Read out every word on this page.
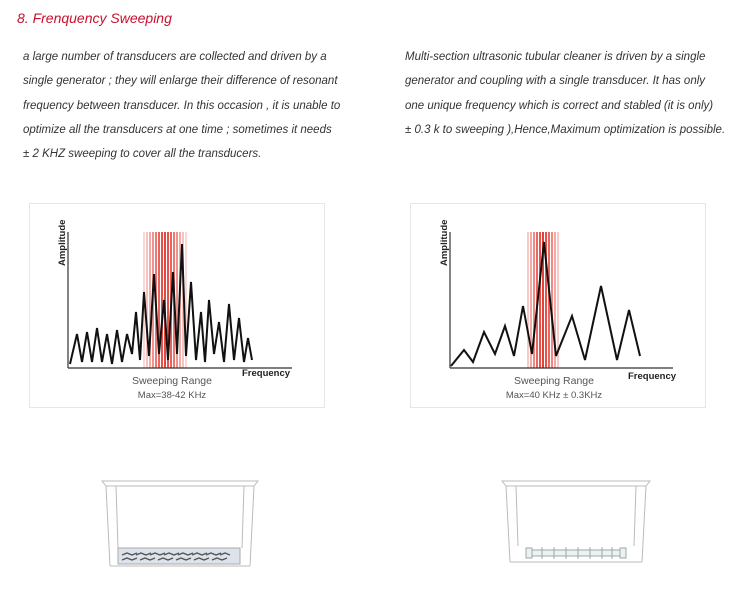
8. Frenquency Sweeping
a large number of transducers are collected and driven by a
single generator ; they will enlarge their difference of resonant
frequency between transducer. In this occasion , it is unable to
optimize all the transducers at one time ; sometimes it needs
± 2 KHZ sweeping to cover all the transducers.
Multi-section ultrasonic tubular cleaner is driven by a single
generator and coupling with a single transducer. It has only
one unique frequency which is correct and stabled (it is only)
± 0.3 k to sweeping ),Hence,Maximum optimization is possible.
Amplitude
Frequency
Sweeping Range
Max=38-42 KHz
Amplitude
Frequency
Sweeping Range
Max=40 KHz ± 0.3KHz
